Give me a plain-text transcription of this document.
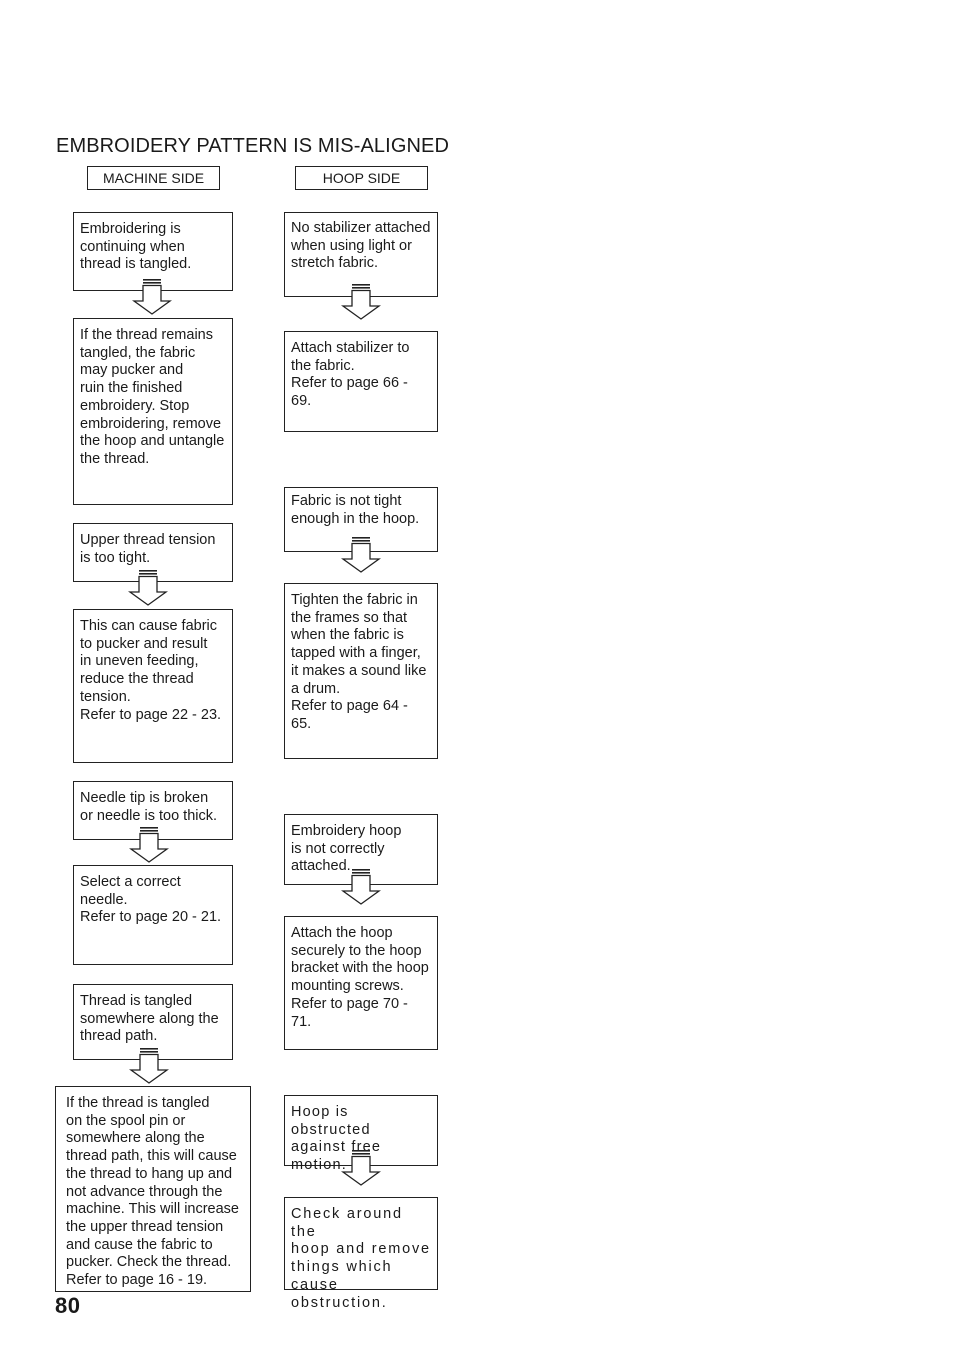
EMBROIDERY PATTERN IS MIS-ALIGNED
MACHINE SIDE	HOOP SIDE
Embroidering is
continuing when
thread is tangled.
If the thread remains
tangled, the fabric
may pucker and
ruin the finished
embroidery. Stop
embroidering, remove
the hoop and untangle
the thread.
Upper thread tension
is too tight.
This can cause fabric
to pucker and result
in uneven feeding,
reduce the thread
tension.
Refer to page 22 - 23.
Needle tip is broken
or needle is too thick.
Select a correct
needle.
Refer to page 20 - 21.
Thread is tangled
somewhere along the
thread path.
If the thread is tangled
on the spool pin or
somewhere along the
thread path, this will cause
the thread to hang up and
not advance through the
machine. This will increase
the upper thread tension
and cause the fabric to
pucker. Check the thread.
Refer to page 16 - 19.
No stabilizer attached
when using light or
stretch fabric.
Attach stabilizer to
the fabric.
Refer to page 66 -
69.
Fabric is not tight
enough in the hoop.
Tighten the fabric in
the frames so that
when the fabric is
tapped with a finger,
it makes a sound like
a drum.
Refer to page 64 -
65.
Embroidery hoop
is not correctly
attached.
Attach the hoop
securely to the hoop
bracket with the hoop
mounting screws.
Refer to page 70 -
71.
Hoop is obstructed
against free motion.
Check around the
hoop and remove
things which cause
obstruction.
80
